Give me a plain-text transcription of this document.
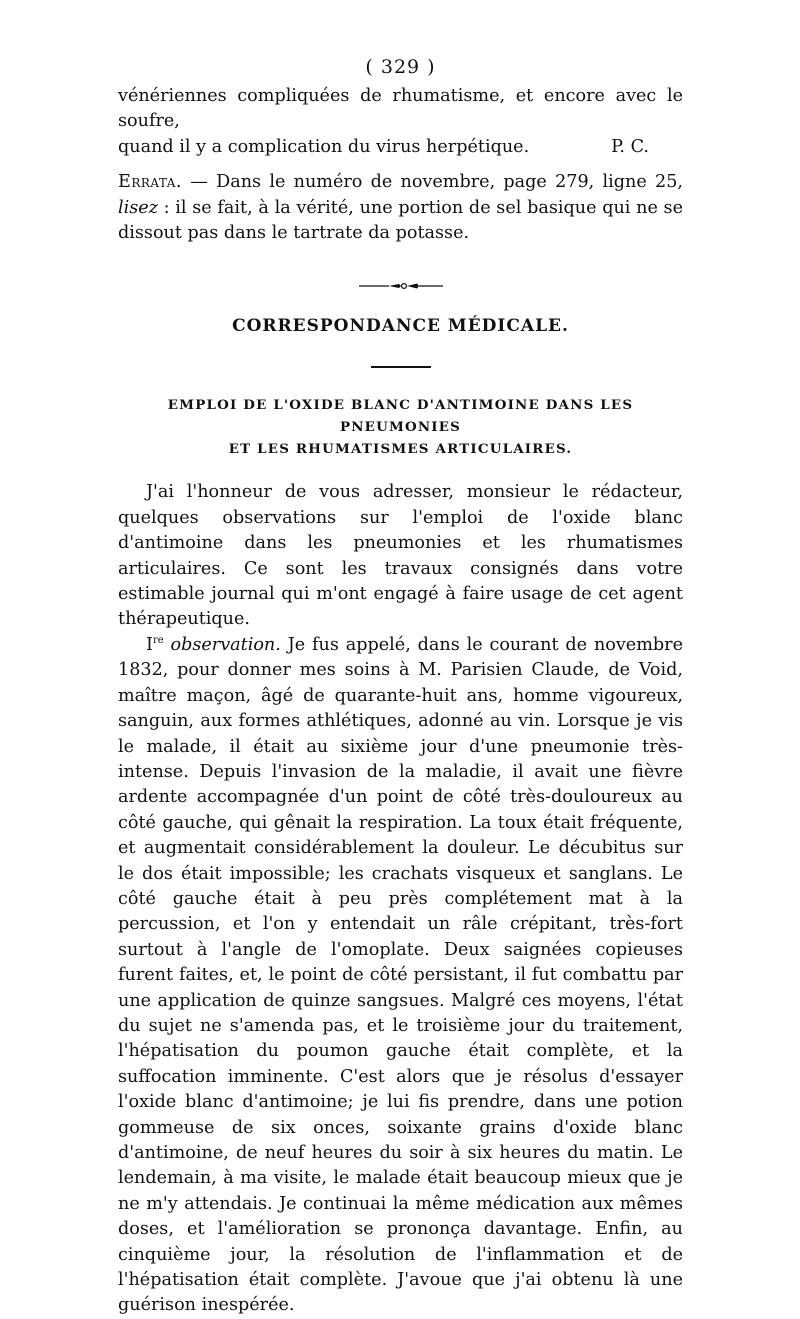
( 329 )

vénériennes compliquées de rhumatisme, et encore avec le soufre,

quand il y a complication du virus herpétique.	P. C.

Errata. — Dans le numéro de novembre, page 279, ligne 25, lisez : il se fait, à la vérité, une portion de sel basique qui ne se dissout pas dans le tartrate da potasse.

CORRESPONDANCE MÉDICALE.
EMPLOI DE L'OXIDE BLANC D'ANTIMOINE DANS LES PNEUMONIES
ET LES RHUMATISMES ARTICULAIRES.

J'ai l'honneur de vous adresser, monsieur le rédacteur, quelques observations sur l'emploi de l'oxide blanc d'antimoine dans les pneumonies et les rhumatismes articulaires. Ce sont les travaux consignés dans votre estimable journal qui m'ont engagé à faire usage de cet agent thérapeutique.

Ire observation. Je fus appelé, dans le courant de novembre 1832, pour donner mes soins à M. Parisien Claude, de Void, maître maçon, âgé de quarante-huit ans, homme vigoureux, sanguin, aux formes athlétiques, adonné au vin. Lorsque je vis le malade, il était au sixième jour d'une pneumonie très-intense. Depuis l'invasion de la maladie, il avait une fièvre ardente accompagnée d'un point de côté très-douloureux au côté gauche, qui gênait la respiration. La toux était fréquente, et augmentait considérablement la douleur. Le décubitus sur le dos était impossible; les crachats visqueux et sanglans. Le côté gauche était à peu près complétement mat à la percussion, et l'on y entendait un râle crépitant, très-fort surtout à l'angle de l'omoplate. Deux saignées copieuses furent faites, et, le point de côté persistant, il fut combattu par une application de quinze sangsues. Malgré ces moyens, l'état du sujet ne s'amenda pas, et le troisième jour du traitement, l'hépatisation du poumon gauche était complète, et la suffocation imminente. C'est alors que je résolus d'essayer l'oxide blanc d'antimoine; je lui fis prendre, dans une potion gommeuse de six onces, soixante grains d'oxide blanc d'antimoine, de neuf heures du soir à six heures du matin. Le lendemain, à ma visite, le malade était beaucoup mieux que je ne m'y attendais. Je continuai la même médication aux mêmes doses, et l'amélioration se prononça davantage. Enfin, au cinquième jour, la résolution de l'inflammation et de l'hépatisation était complète. J'avoue que j'ai obtenu là une guérison inespérée.
